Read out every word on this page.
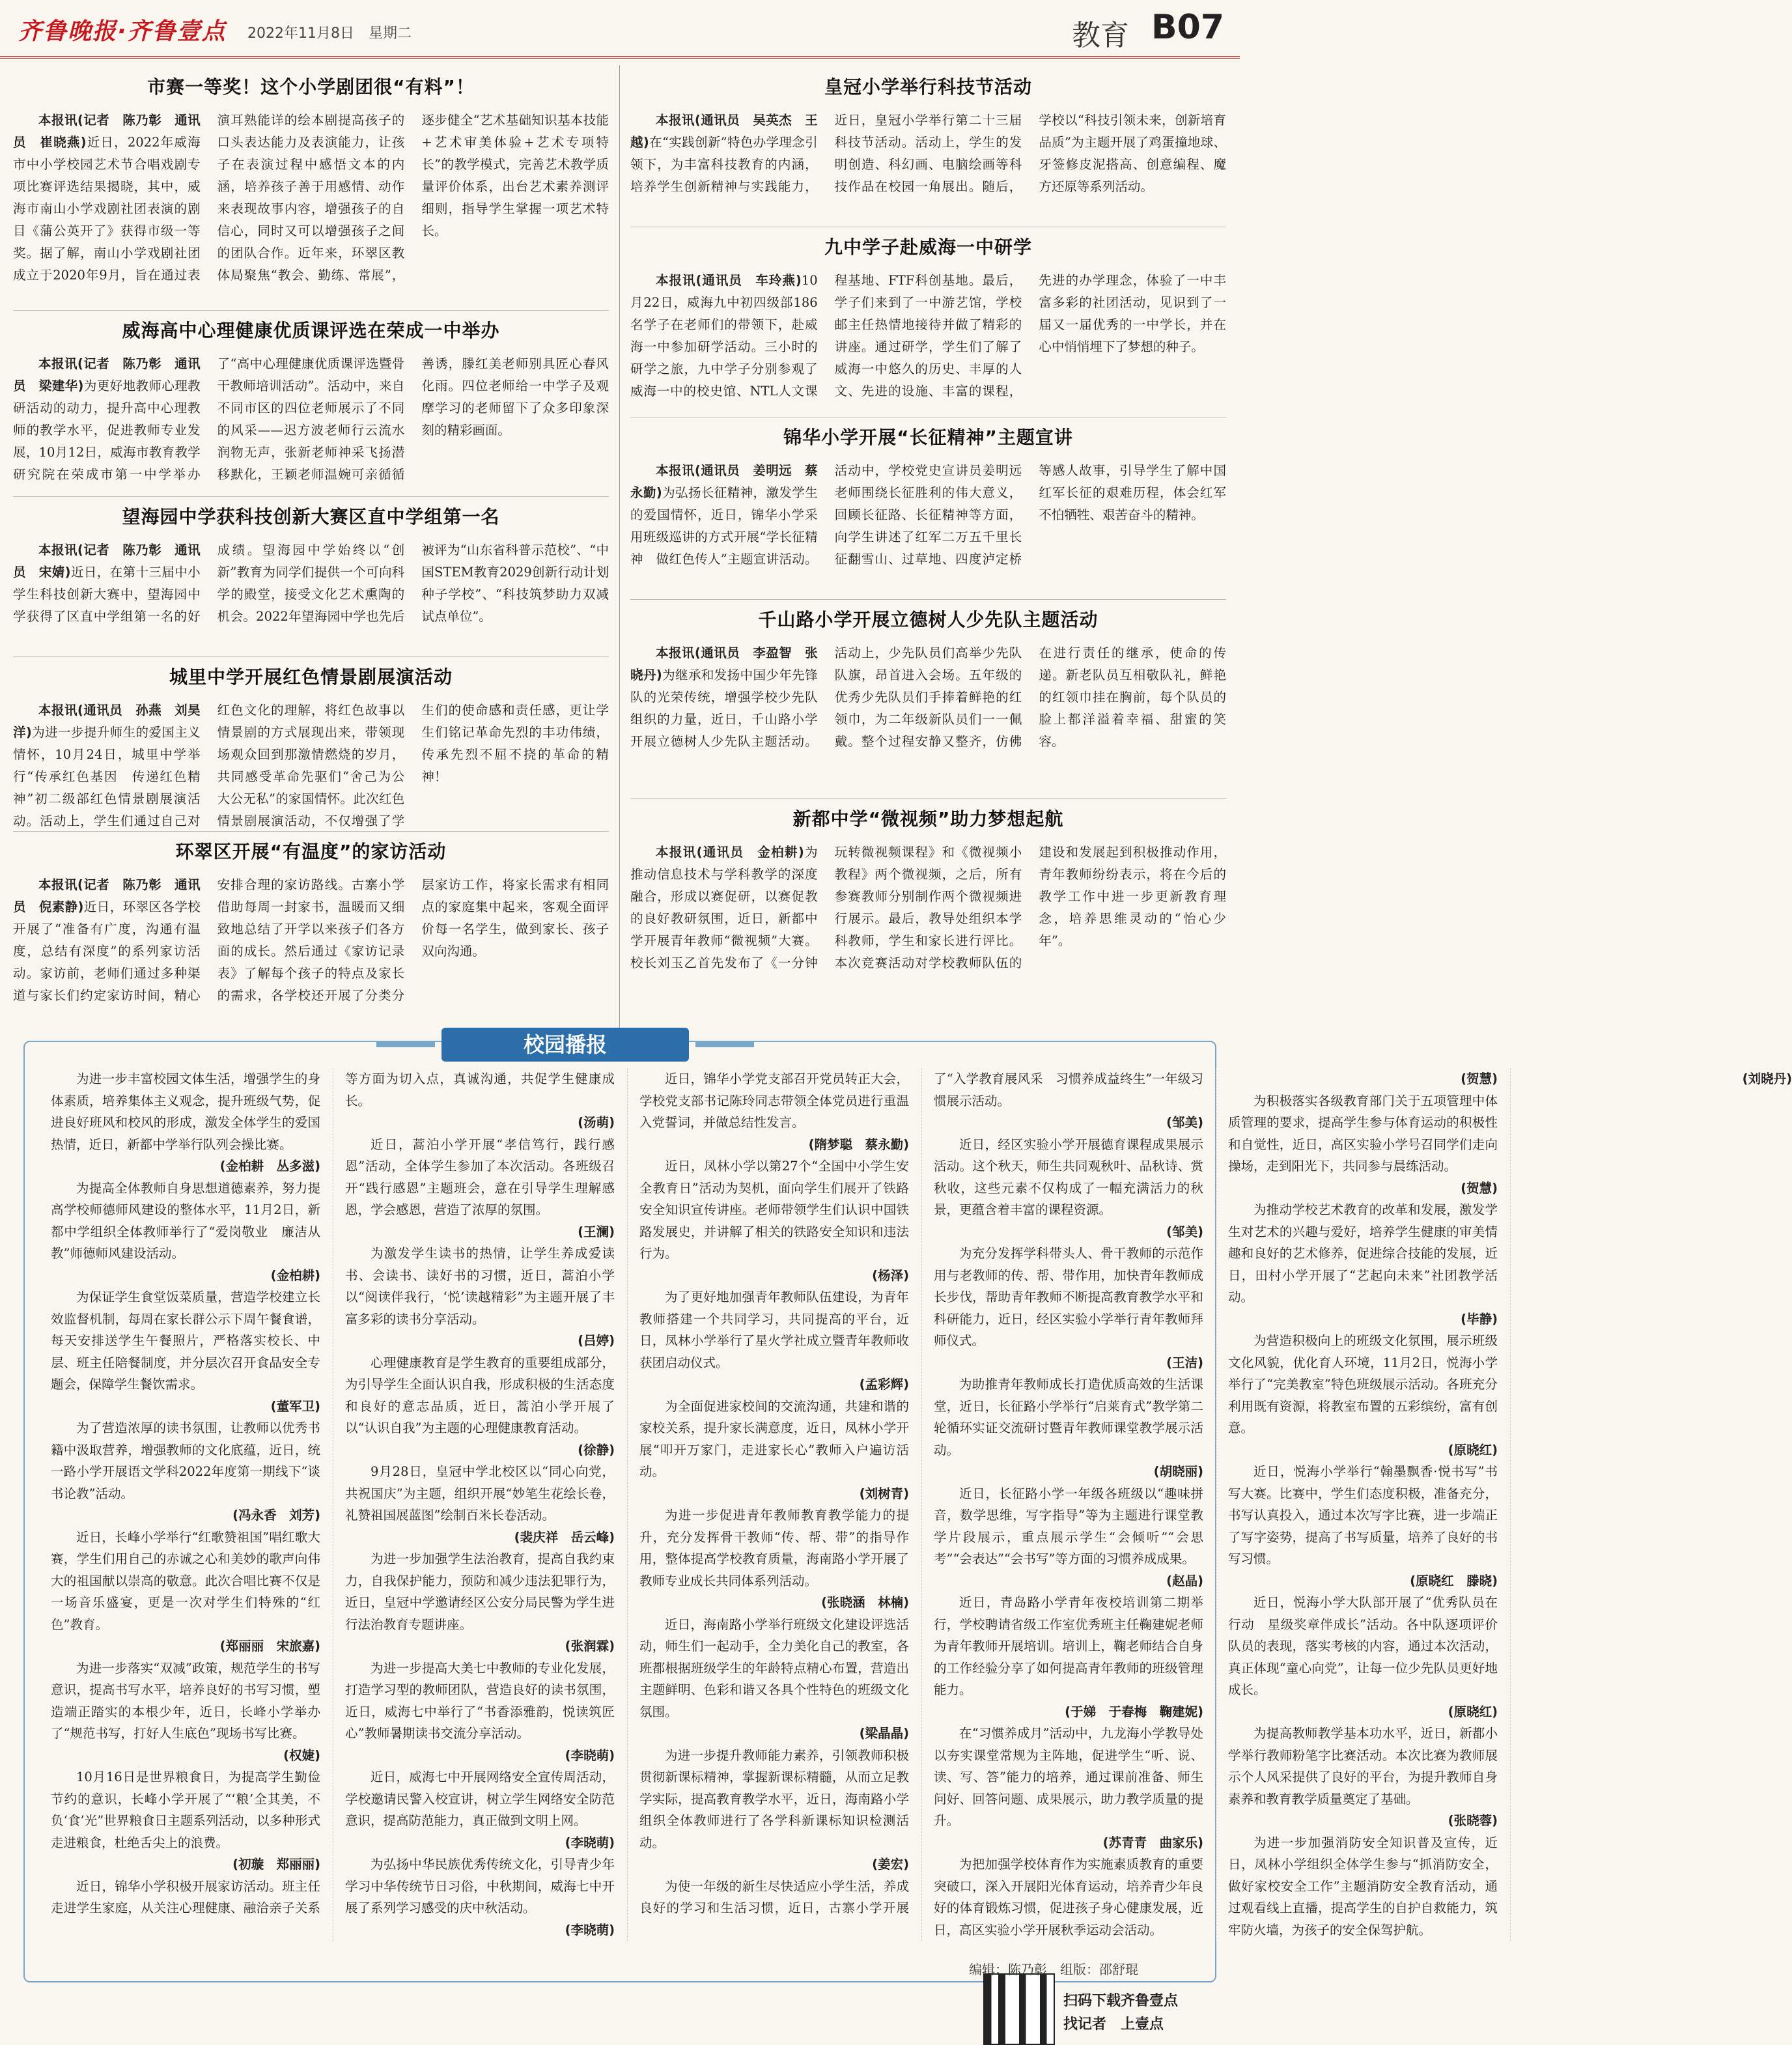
齐鲁晚报·齐鲁壹点 2022年11月8日　星期二	教育 B07
市赛一等奖！这个小学剧团很“有料”！

本报讯(记者　陈乃彰　通讯员　崔晓燕)近日，2022年威海市中小学校园艺术节合唱戏剧专项比赛评选结果揭晓，其中，威海市南山小学戏剧社团表演的剧目《蒲公英开了》获得市级一等奖。据了解，南山小学戏剧社团成立于2020年9月，旨在通过表演耳熟能详的绘本剧提高孩子的口头表达能力及表演能力，让孩子在表演过程中感悟文本的内涵，培养孩子善于用感情、动作来表现故事内容，增强孩子的自信心，同时又可以增强孩子之间的团队合作。近年来，环翠区教体局聚焦“教会、勤练、常展”，逐步健全“艺术基础知识基本技能+艺术审美体验+艺术专项特长”的教学模式，完善艺术教学质量评价体系，出台艺术素养测评细则，指导学生掌握一项艺术特长。

威海高中心理健康优质课评选在荣成一中举办

本报讯(记者　陈乃彰　通讯员　梁建华)为更好地教师心理教研活动的动力，提升高中心理教师的教学水平，促进教师专业发展，10月12日，威海市教育教学研究院在荣成市第一中学举办了“高中心理健康优质课评选暨骨干教师培训活动”。活动中，来自不同市区的四位老师展示了不同的风采——迟方波老师行云流水润物无声，张新老师神采飞扬潜移默化，王颖老师温婉可亲循循善诱，滕红美老师别具匠心春风化雨。四位老师给一中学子及观摩学习的老师留下了众多印象深刻的精彩画面。

望海园中学获科技创新大赛区直中学组第一名

本报讯(记者　陈乃彰　通讯员　宋婧)近日，在第十三届中小学生科技创新大赛中，望海园中学获得了区直中学组第一名的好成绩。望海园中学始终以“创新”教育为同学们提供一个可向科学的殿堂，接受文化艺术熏陶的机会。2022年望海园中学也先后被评为“山东省科普示范校”、“中国STEM教育2029创新行动计划种子学校”、“科技筑梦助力双减试点单位”。

城里中学开展红色情景剧展演活动

本报讯(通讯员　孙燕　刘昊洋)为进一步提升师生的爱国主义情怀，10月24日，城里中学举行“传承红色基因　传递红色精神”初二级部红色情景剧展演活动。活动上，学生们通过自己对红色文化的理解，将红色故事以情景剧的方式展现出来，带领现场观众回到那激情燃烧的岁月，共同感受革命先驱们“舍己为公　大公无私”的家国情怀。此次红色情景剧展演活动，不仅增强了学生们的使命感和责任感，更让学生们铭记革命先烈的丰功伟绩，传承先烈不屈不挠的革命的精神！

环翠区开展“有温度”的家访活动

本报讯(记者　陈乃彰　通讯员　倪素静)近日，环翠区各学校开展了“准备有广度，沟通有温度，总结有深度”的系列家访活动。家访前，老师们通过多种渠道与家长们约定家访时间，精心安排合理的家访路线。古寨小学借助每周一封家书，温暖而又细致地总结了开学以来孩子们各方面的成长。然后通过《家访记录表》了解每个孩子的特点及家长的需求，各学校还开展了分类分层家访工作，将家长需求有相同点的家庭集中起来，客观全面评价每一名学生，做到家长、孩子双向沟通。

皇冠小学举行科技节活动

本报讯(通讯员　吴英杰　王越)在“实践创新”特色办学理念引领下，为丰富科技教育的内涵，培养学生创新精神与实践能力，近日，皇冠小学举行第二十三届科技节活动。活动上，学生的发明创造、科幻画、电脑绘画等科技作品在校园一角展出。随后，学校以“科技引领未来，创新培育品质”为主题开展了鸡蛋撞地球、牙签修皮泥搭高、创意编程、魔方还原等系列活动。

九中学子赴威海一中研学

本报讯(通讯员　车玲燕)10月22日，威海九中初四级部186名学子在老师们的带领下，赴威海一中参加研学活动。三小时的研学之旅，九中学子分别参观了威海一中的校史馆、NTL人文课程基地、FTF科创基地。最后，学子们来到了一中游艺馆，学校邮主任热情地接待并做了精彩的讲座。通过研学，学生们了解了威海一中悠久的历史、丰厚的人文、先进的设施、丰富的课程，先进的办学理念，体验了一中丰富多彩的社团活动，见识到了一届又一届优秀的一中学长，并在心中悄悄埋下了梦想的种子。

锦华小学开展“长征精神”主题宣讲

本报讯(通讯员　姜明远　蔡永勤)为弘扬长征精神，激发学生的爱国情怀，近日，锦华小学采用班级巡讲的方式开展“学长征精神　做红色传人”主题宣讲活动。活动中，学校党史宣讲员姜明远老师围绕长征胜利的伟大意义，回顾长征路、长征精神等方面，向学生讲述了红军二万五千里长征翻雪山、过草地、四度泸定桥等感人故事，引导学生了解中国红军长征的艰难历程，体会红军不怕牺牲、艰苦奋斗的精神。

千山路小学开展立德树人少先队主题活动

本报讯(通讯员　李盈智　张晓丹)为继承和发扬中国少年先锋队的光荣传统，增强学校少先队组织的力量，近日，千山路小学开展立德树人少先队主题活动。活动上，少先队员们高举少先队队旗，昂首进入会场。五年级的优秀少先队员们手捧着鲜艳的红领巾，为二年级新队员们一一佩戴。整个过程安静又整齐，仿佛在进行责任的继承，使命的传递。新老队员互相敬队礼，鲜艳的红领巾挂在胸前，每个队员的脸上都洋溢着幸福、甜蜜的笑容。

新都中学“微视频”助力梦想起航

本报讯(通讯员　金柏耕)为推动信息技术与学科教学的深度融合，形成以赛促研，以赛促教的良好教研氛围，近日，新都中学开展青年教师“微视频”大赛。校长刘玉乙首先发布了《一分钟玩转微视频课程》和《微视频小教程》两个微视频，之后，所有参赛教师分别制作两个微视频进行展示。最后，教导处组织本学科教师，学生和家长进行评比。本次竞赛活动对学校教师队伍的建设和发展起到积极推动作用，青年教师纷纷表示，将在今后的教学工作中进一步更新教育理念，培养思维灵动的“怡心少年”。

校园播报

为进一步丰富校园文体生活，增强学生的身体素质，培养集体主义观念，提升班级气势，促进良好班风和校风的形成，激发全体学生的爱国热情，近日，新都中学举行队列会操比赛。

(金柏耕　丛多滋)

为提高全体教师自身思想道德素养，努力提高学校师德师风建设的整体水平，11月2日，新都中学组织全体教师举行了“爱岗敬业　廉洁从教”师德师风建设活动。

(金柏耕)

为保证学生食堂饭菜质量，营造学校建立长效监督机制，每周在家长群公示下周午餐食谱，每天安排送学生午餐照片，严格落实校长、中层、班主任陪餐制度，并分层次召开食品安全专题会，保障学生餐饮需求。

(董军卫)

为了营造浓厚的读书氛围，让教师以优秀书籍中汲取营养，增强教师的文化底蕴，近日，统一路小学开展语文学科2022年度第一期线下“谈书论教”活动。

(冯永香　刘芳)

近日，长峰小学举行“红歌赞祖国”唱红歌大赛，学生们用自己的赤诚之心和美妙的歌声向伟大的祖国献以崇高的敬意。此次合唱比赛不仅是一场音乐盛宴，更是一次对学生们特殊的“红色”教育。

(郑丽丽　宋旅嘉)

为进一步落实“双减”政策，规范学生的书写意识，提高书写水平，培养良好的书写习惯，塑造端正踏实的本根少年，近日，长峰小学举办了“规范书写，打好人生底色”现场书写比赛。

(权婕)

10月16日是世界粮食日，为提高学生勤俭节约的意识，长峰小学开展了“‘粮’全其美，不负‘食’光”世界粮食日主题系列活动，以多种形式走进粮食，杜绝舌尖上的浪费。

(初璇　郑丽丽)

近日，锦华小学积极开展家访活动。班主任走进学生家庭，从关注心理健康、融洽亲子关系等方面为切入点，真诚沟通，共促学生健康成长。

(汤萌)

近日，蒿泊小学开展“孝信笃行，践行感恩”活动，全体学生参加了本次活动。各班级召开“践行感恩”主题班会，意在引导学生理解感恩，学会感恩，营造了浓厚的氛围。

(王澜)

为激发学生读书的热情，让学生养成爱读书、会读书、读好书的习惯，近日，蒿泊小学以“阅读伴我行，‘悦’读越精彩”为主题开展了丰富多彩的读书分享活动。

(吕婷)

心理健康教育是学生教育的重要组成部分，为引导学生全面认识自我，形成积极的生活态度和良好的意志品质，近日，蒿泊小学开展了以“认识自我”为主题的心理健康教育活动。

(徐静)

9月28日，皇冠中学北校区以“同心向党，共祝国庆”为主题，组织开展“妙笔生花绘长卷，礼赞祖国展蓝图”绘制百米长卷活动。

(裴庆祥　岳云峰)

为进一步加强学生法治教育，提高自我约束力，自我保护能力，预防和减少违法犯罪行为，近日，皇冠中学邀请经区公安分局民警为学生进行法治教育专题讲座。

(张润霖)

为进一步提高大美七中教师的专业化发展，打造学习型的教师团队，营造良好的读书氛围，近日，威海七中举行了“书香添雅韵，悦读筑匠心”教师暑期读书交流分享活动。

(李晓萌)

近日，威海七中开展网络安全宣传周活动，学校邀请民警入校宣讲，树立学生网络安全防范意识，提高防范能力，真正做到文明上网。

(李晓萌)

为弘扬中华民族优秀传统文化，引导青少年学习中华传统节日习俗，中秋期间，威海七中开展了系列学习感受的庆中秋活动。

(李晓萌)

近日，锦华小学党支部召开党员转正大会，学校党支部书记陈玲同志带领全体党员进行重温入党誓词，并做总结性发言。

(隋梦聪　蔡永勤)

近日，凤林小学以第27个“全国中小学生安全教育日”活动为契机，面向学生们展开了铁路安全知识宣传讲座。老师带领学生们认识中国铁路发展史，并讲解了相关的铁路安全知识和违法行为。

(杨泽)

为了更好地加强青年教师队伍建设，为青年教师搭建一个共同学习，共同提高的平台，近日，凤林小学举行了星火学社成立暨青年教师收获团启动仪式。

(孟彩辉)

为全面促进家校间的交流沟通，共建和谐的家校关系，提升家长满意度，近日，凤林小学开展“叩开万家门，走进家长心”教师入户遍访活动。

(刘树青)

为进一步促进青年教师教育教学能力的提升，充分发挥骨干教师“传、帮、带”的指导作用，整体提高学校教育质量，海南路小学开展了教师专业成长共同体系列活动。

(张晓涵　林楠)

近日，海南路小学举行班级文化建设评选活动，师生们一起动手，全力美化自己的教室，各班都根据班级学生的年龄特点精心布置，营造出主题鲜明、色彩和谐又各具个性特色的班级文化氛围。

(梁晶晶)

为进一步提升教师能力素养，引领教师积极贯彻新课标精神，掌握新课标精髓，从而立足教学实际，提高教育教学水平，近日，海南路小学组织全体教师进行了各学科新课标知识检测活动。

(姜宏)

为使一年级的新生尽快适应小学生活，养成良好的学习和生活习惯，近日，古寨小学开展了“入学教育展风采　习惯养成益终生”一年级习惯展示活动。

(邹美)

近日，经区实验小学开展德育课程成果展示活动。这个秋天，师生共同观秋叶、品秋诗、赏秋收，这些元素不仅构成了一幅充满活力的秋景，更蕴含着丰富的课程资源。

(邹美)

为充分发挥学科带头人、骨干教师的示范作用与老教师的传、帮、带作用，加快青年教师成长步伐，帮助青年教师不断提高教育教学水平和科研能力，近日，经区实验小学举行青年教师拜师仪式。

(王洁)

为助推青年教师成长打造优质高效的生活课堂，近日，长征路小学举行“启莱育式”教学第二轮循环实证交流研讨暨青年教师课堂教学展示活动。

(胡晓丽)

近日，长征路小学一年级各班级以“趣味拼音，数学思维，写字指导”等为主题进行课堂教学片段展示，重点展示学生“会倾听”“会思考”“会表达”“会书写”等方面的习惯养成成果。

(赵晶)

近日，青岛路小学青年夜校培训第二期举行，学校聘请省级工作室优秀班主任鞠建妮老师为青年教师开展培训。培训上，鞠老师结合自身的工作经验分享了如何提高青年教师的班级管理能力。

(于娣　于春梅　鞠建妮)

在“习惯养成月”活动中，九龙海小学教导处以夯实课堂常规为主阵地，促进学生“听、说、读、写、答”能力的培养，通过课前准备、师生问好、回答问题、成果展示，助力教学质量的提升。

(苏青青　曲家乐)

为把加强学校体育作为实施素质教育的重要突破口，深入开展阳光体育运动，培养青少年良好的体育锻炼习惯，促进孩子身心健康发展，近日，高区实验小学开展秋季运动会活动。

(贺慧)

为积极落实各级教育部门关于五项管理中体质管理的要求，提高学生参与体育运动的积极性和自觉性，近日，高区实验小学号召同学们走向操场，走到阳光下，共同参与晨练活动。

(贺慧)

为推动学校艺术教育的改革和发展，激发学生对艺术的兴趣与爱好，培养学生健康的审美情趣和良好的艺术修养，促进综合技能的发展，近日，田村小学开展了“艺起向未来”社团教学活动。

(毕静)

为营造积极向上的班级文化氛围，展示班级文化风貌，优化育人环境，11月2日，悦海小学举行了“完美教室”特色班级展示活动。各班充分利用既有资源，将教室布置的五彩缤纷，富有创意。

(原晓红)

近日，悦海小学举行“翰墨飘香·悦书写”书写大赛。比赛中，学生们态度积极，准备充分，书写认真投入，通过本次写字比赛，进一步端正了写字姿势，提高了书写质量，培养了良好的书写习惯。

(原晓红　滕晓)

近日，悦海小学大队部开展了“优秀队员在行动　星级奖章伴成长”活动。各中队逐项评价队员的表现，落实考核的内容，通过本次活动，真正体现“童心向党”，让每一位少先队员更好地成长。

(原晓红)

为提高教师教学基本功水平，近日，新都小学举行教师粉笔字比赛活动。本次比赛为教师展示个人风采提供了良好的平台，为提升教师自身素养和教育教学质量奠定了基础。

(张晓蓉)

为进一步加强消防安全知识普及宣传，近日，凤林小学组织全体学生参与“抓消防安全，做好家校安全工作”主题消防安全教育活动，通过观看线上直播，提高学生的自护自救能力，筑牢防火墙，为孩子的安全保驾护航。

(刘晓丹)

扫码下载齐鲁壹点
找记者　上壹点
编辑：陈乃彰　组版：邵舒琨
